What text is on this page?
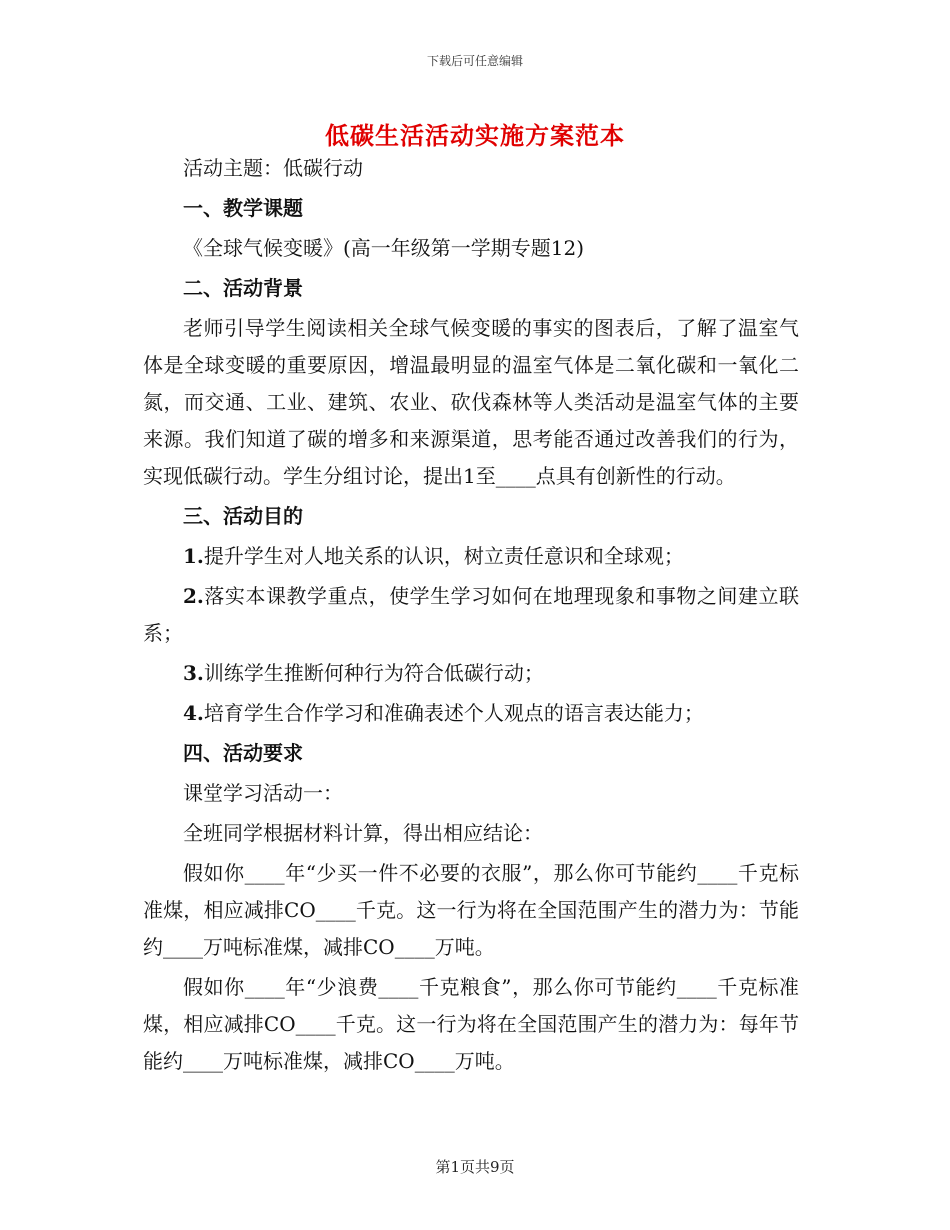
下载后可任意编辑
低碳生活活动实施方案范本

活动主题：低碳行动

一、教学课题

《全球气候变暖》(高一年级第一学期专题12)

二、活动背景

老师引导学生阅读相关全球气候变暖的事实的图表后，了解了温室气体是全球变暖的重要原因，增温最明显的温室气体是二氧化碳和一氧化二氮，而交通、工业、建筑、农业、砍伐森林等人类活动是温室气体的主要来源。我们知道了碳的增多和来源渠道，思考能否通过改善我们的行为，实现低碳行动。学生分组讨论，提出1至____点具有创新性的行动。

三、活动目的

1.提升学生对人地关系的认识，树立责任意识和全球观；

2.落实本课教学重点，使学生学习如何在地理现象和事物之间建立联系；

3.训练学生推断何种行为符合低碳行动；

4.培育学生合作学习和准确表述个人观点的语言表达能力；

四、活动要求

课堂学习活动一：

全班同学根据材料计算，得出相应结论：

假如你____年“少买一件不必要的衣服”，那么你可节能约____千克标准煤，相应减排CO____千克。这一行为将在全国范围产生的潜力为：节能约____万吨标准煤，减排CO____万吨。

假如你____年“少浪费____千克粮食”，那么你可节能约____千克标准煤，相应减排CO____千克。这一行为将在全国范围产生的潜力为：每年节能约____万吨标准煤，减排CO____万吨。

第1页共9页
